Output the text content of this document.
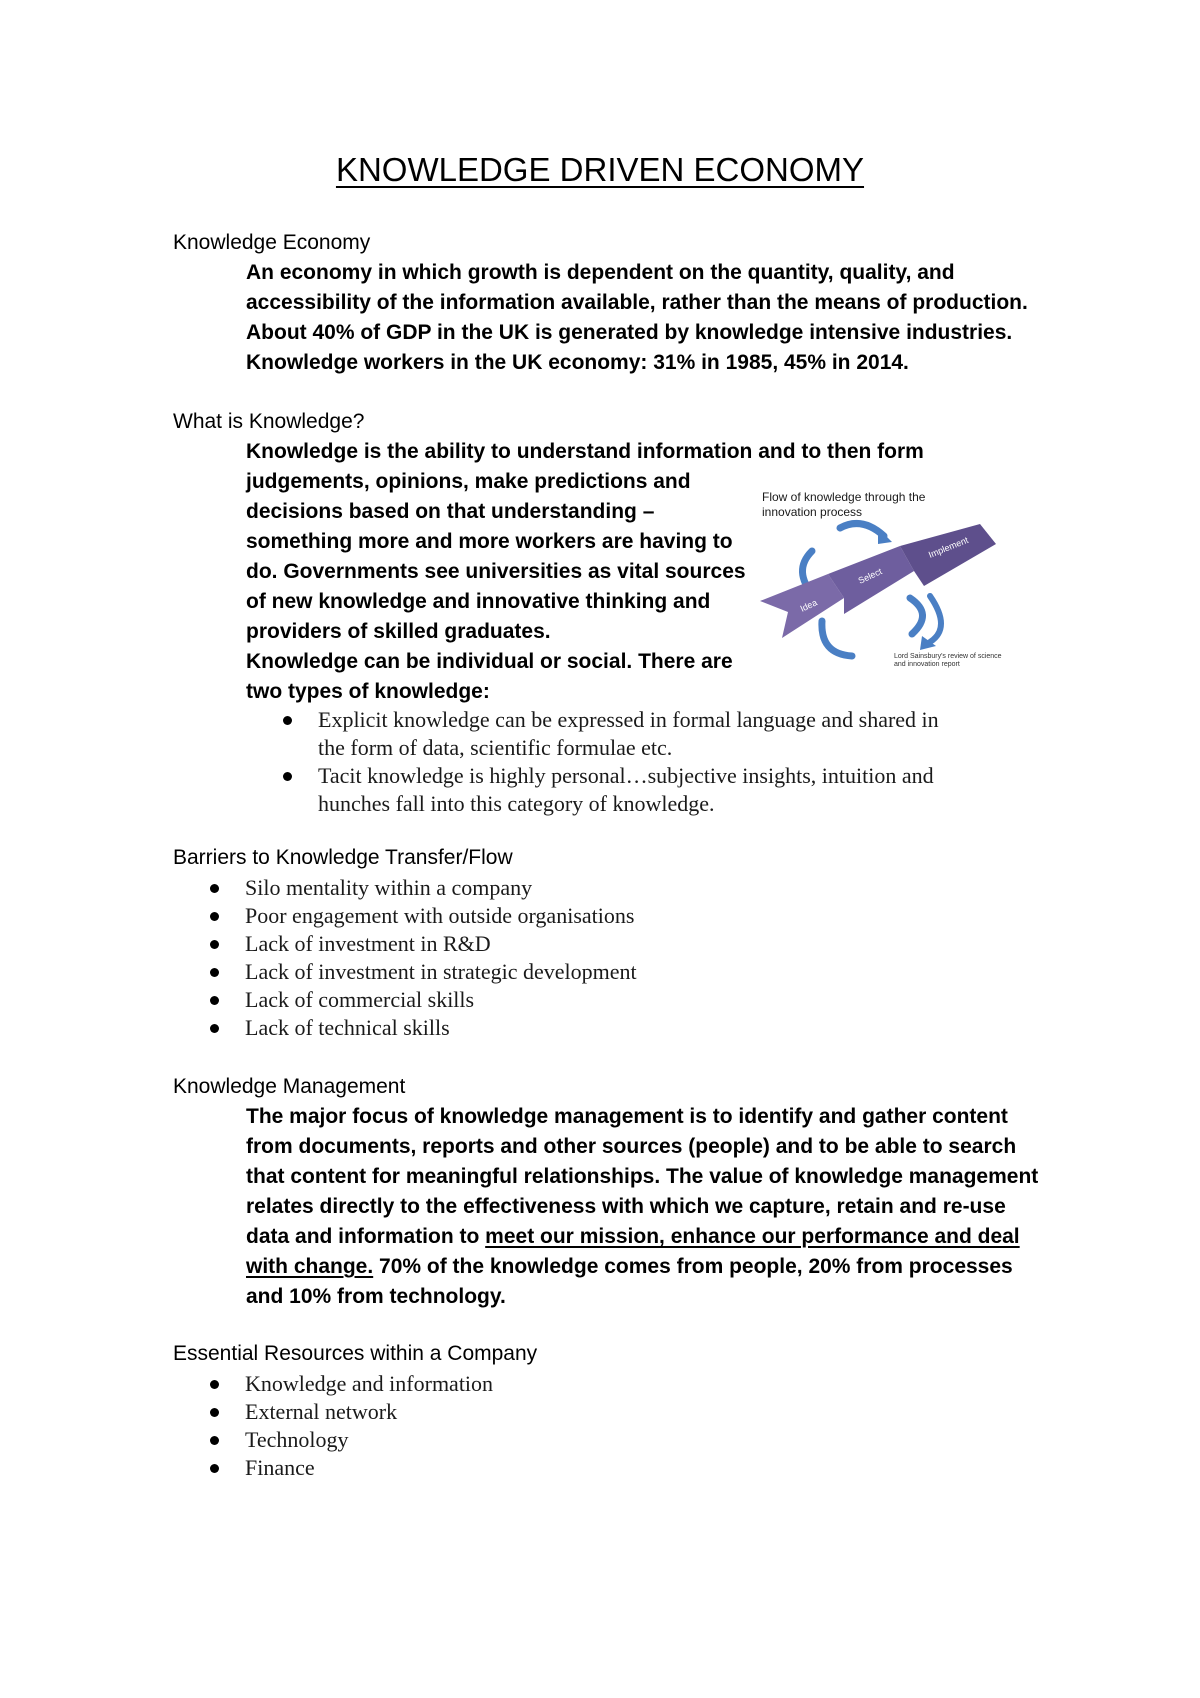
KNOWLEDGE DRIVEN ECONOMY
Knowledge Economy
An economy in which growth is dependent on the quantity, quality, and
accessibility of the information available, rather than the means of production.
About 40% of GDP in the UK is generated by knowledge intensive industries.
Knowledge workers in the UK economy: 31% in 1985, 45% in 2014.
What is Knowledge?
Knowledge is the ability to understand information and to then form
judgements, opinions, make predictions and
decisions based on that understanding –
something more and more workers are having to
do. Governments see universities as vital sources
of new knowledge and innovative thinking and
providers of skilled graduates.
Knowledge can be individual or social. There are
two types of knowledge:
Explicit knowledge can be expressed in formal language and shared in
the form of data, scientific formulae etc.
Tacit knowledge is highly personal…subjective insights, intuition and
hunches fall into this category of knowledge.
Flow of knowledge through the
innovation process
Idea
Select
Implement
Lord Sainsbury's review of science
and innovation report
Barriers to Knowledge Transfer/Flow
Silo mentality within a company
Poor engagement with outside organisations
Lack of investment in R&D
Lack of investment in strategic development
Lack of commercial skills
Lack of technical skills
Knowledge Management
The major focus of knowledge management is to identify and gather content
from documents, reports and other sources (people) and to be able to search
that content for meaningful relationships. The value of knowledge management
relates directly to the effectiveness with which we capture, retain and re-use
data and information to meet our mission, enhance our performance and deal
with change. 70% of the knowledge comes from people, 20% from processes
and 10% from technology.
Essential Resources within a Company
Knowledge and information
External network
Technology
Finance
